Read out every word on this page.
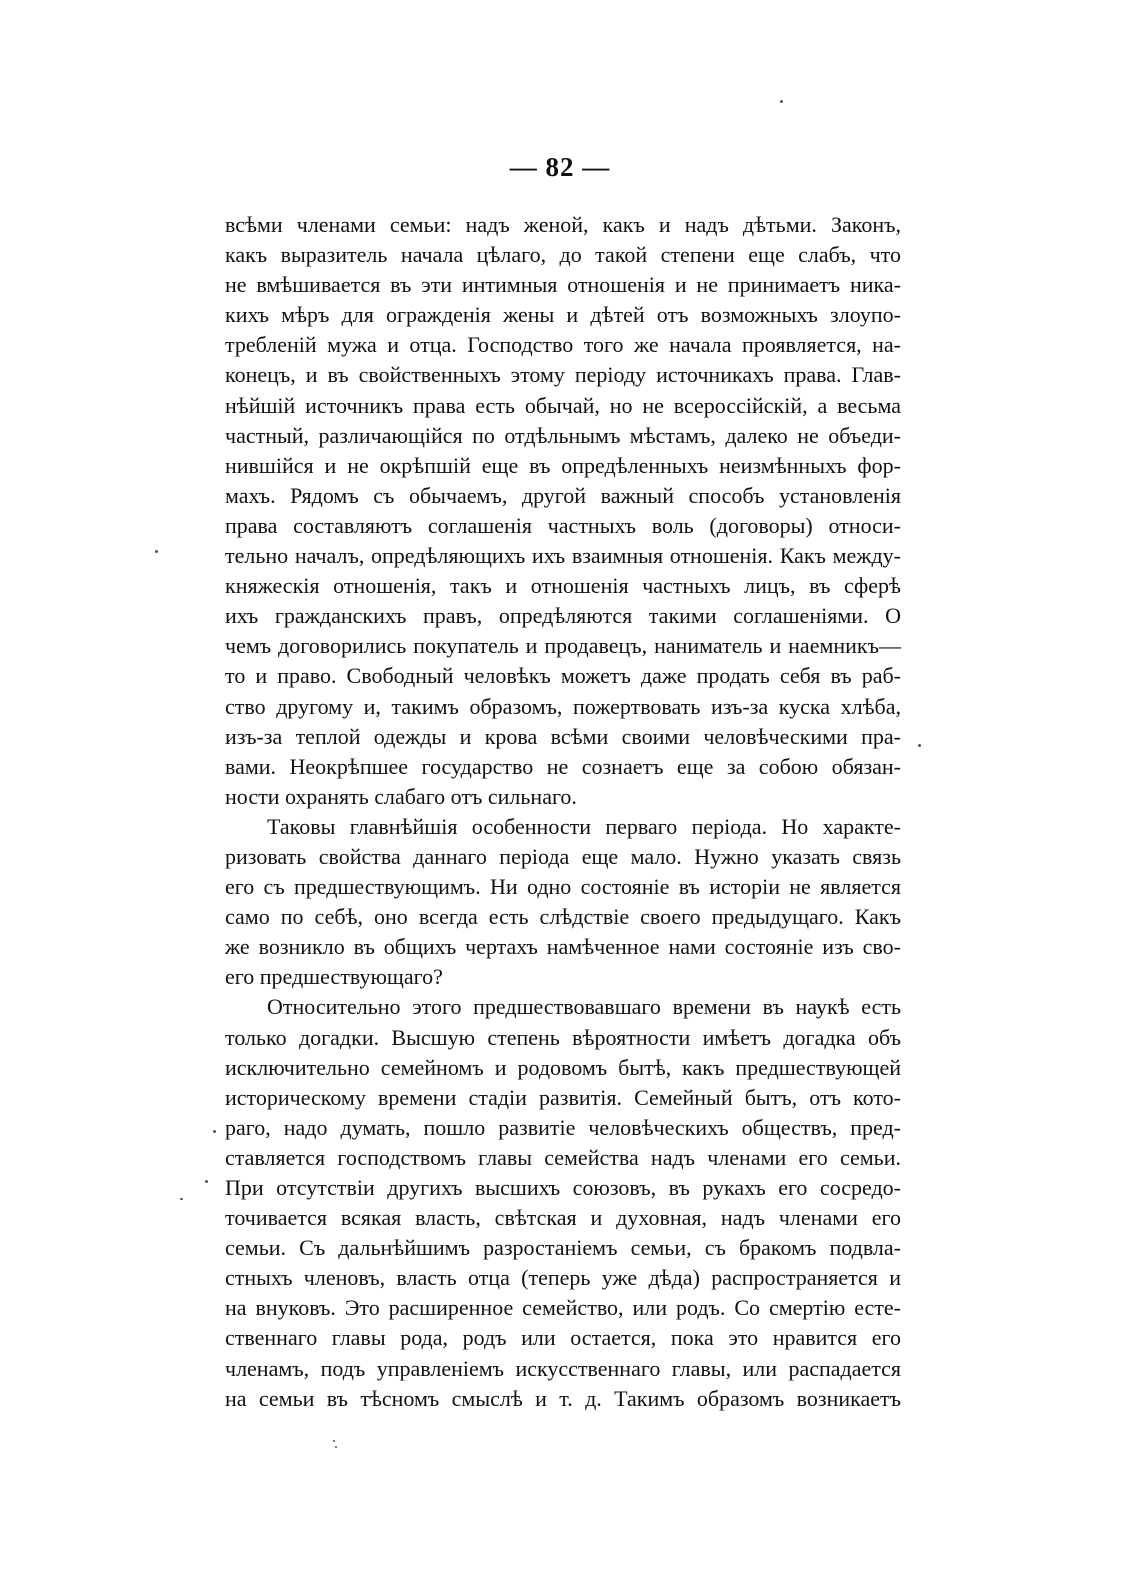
— 82 —
всѣми членами семьи: надъ женой, какъ и надъ дѣтьми. Законъ,
какъ выразитель начала цѣлаго, до такой степени еще слабъ, что
не вмѣшивается въ эти интимныя отношенія и не принимаетъ ника-
кихъ мѣръ для огражденія жены и дѣтей отъ возможныхъ злоупо-
требленій мужа и отца. Господство того же начала проявляется, на-
конецъ, и въ свойственныхъ этому періоду источникахъ права. Глав-
нѣйшій источникъ права есть обычай, но не всероссійскій, а весьма
частный, различающійся по отдѣльнымъ мѣстамъ, далеко не объеди-
нившійся и не окрѣпшій еще въ опредѣленныхъ неизмѣнныхъ фор-
махъ. Рядомъ съ обычаемъ, другой важный способъ установленія
права составляютъ соглашенія частныхъ воль (договоры) относи-
тельно началъ, опредѣляющихъ ихъ взаимныя отношенія. Какъ между-
княжескія отношенія, такъ и отношенія частныхъ лицъ, въ сферѣ
ихъ гражданскихъ правъ, опредѣляются такими соглашеніями. О
чемъ договорились покупатель и продавецъ, наниматель и наемникъ—
то и право. Свободный человѣкъ можетъ даже продать себя въ раб-
ство другому и, такимъ образомъ, пожертвовать изъ-за куска хлѣба,
изъ-за теплой одежды и крова всѣми своими человѣческими пра-
вами. Неокрѣпшее государство не сознаетъ еще за собою обязан-
ности охранять слабаго отъ сильнаго.
Таковы главнѣйшія особенности перваго періода. Но характе-
ризовать свойства даннаго періода еще мало. Нужно указать связь
его съ предшествующимъ. Ни одно состояніе въ исторіи не является
само по себѣ, оно всегда есть слѣдствіе своего предыдущаго. Какъ
же возникло въ общихъ чертахъ намѣченное нами состояніе изъ сво-
его предшествующаго?
Относительно этого предшествовавшаго времени въ наукѣ есть
только догадки. Высшую степень вѣроятности имѣетъ догадка объ
исключительно семейномъ и родовомъ бытѣ, какъ предшествующей
историческому времени стадіи развитія. Семейный бытъ, отъ кото-
раго, надо думать, пошло развитіе человѣческихъ обществъ, пред-
ставляется господствомъ главы семейства надъ членами его семьи.
При отсутствіи другихъ высшихъ союзовъ, въ рукахъ его сосредо-
точивается всякая власть, свѣтская и духовная, надъ членами его
семьи. Съ дальнѣйшимъ разростаніемъ семьи, съ бракомъ подвла-
стныхъ членовъ, власть отца (теперь уже дѣда) распространяется и
на внуковъ. Это расширенное семейство, или родъ. Со смертію есте-
ственнаго главы рода, родъ или остается, пока это нравится его
членамъ, подъ управленіемъ искусственнаго главы, или распадается
на семьи въ тѣсномъ смыслѣ и т. д. Такимъ образомъ возникаетъ
